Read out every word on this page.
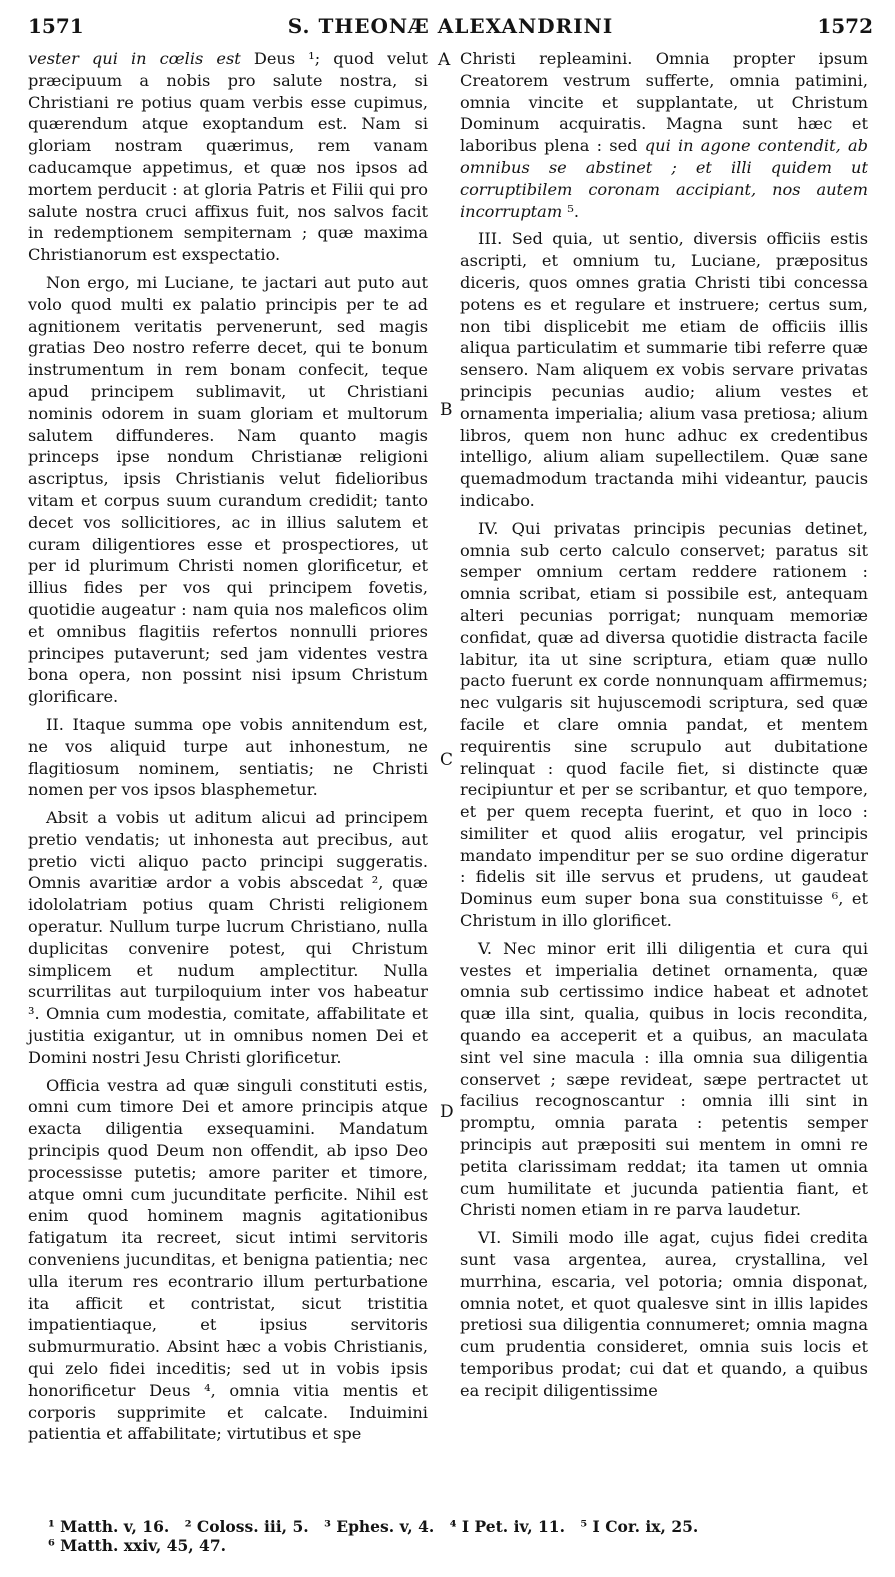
1571	S. THEONÆ ALEXANDRINI	1572
A
B
C
D

vester qui in cœlis est Deus ¹; quod velut præcipuum a nobis pro salute nostra, si Christiani re potius quam verbis esse cupimus, quærendum atque exoptandum est. Nam si gloriam nostram quærimus, rem vanam caducamque appetimus, et quæ nos ipsos ad mortem perducit : at gloria Patris et Filii qui pro salute nostra cruci affixus fuit, nos salvos facit in redemptionem sempiternam ; quæ maxima Christianorum est exspectatio.

Non ergo, mi Luciane, te jactari aut puto aut volo quod multi ex palatio principis per te ad agnitionem veritatis pervenerunt, sed magis gratias Deo nostro referre decet, qui te bonum instrumentum in rem bonam confecit, teque apud principem sublimavit, ut Christiani nominis odorem in suam gloriam et multorum salutem diffunderes. Nam quanto magis princeps ipse nondum Christianæ religioni ascriptus, ipsis Christianis velut fidelioribus vitam et corpus suum curandum credidit; tanto decet vos sollicitiores, ac in illius salutem et curam diligentiores esse et prospectiores, ut per id plurimum Christi nomen glorificetur, et illius fides per vos qui principem fovetis, quotidie augeatur : nam quia nos maleficos olim et omnibus flagitiis refertos nonnulli priores principes putaverunt; sed jam videntes vestra bona opera, non possint nisi ipsum Christum glorificare.

II. Itaque summa ope vobis annitendum est, ne vos aliquid turpe aut inhonestum, ne flagitiosum nominem, sentiatis; ne Christi nomen per vos ipsos blasphemetur.

Absit a vobis ut aditum alicui ad principem pretio vendatis; ut inhonesta aut precibus, aut pretio victi aliquo pacto principi suggeratis. Omnis avaritiæ ardor a vobis abscedat ², quæ idololatriam potius quam Christi religionem operatur. Nullum turpe lucrum Christiano, nulla duplicitas convenire potest, qui Christum simplicem et nudum amplectitur. Nulla scurrilitas aut turpiloquium inter vos habeatur ³. Omnia cum modestia, comitate, affabilitate et justitia exigantur, ut in omnibus nomen Dei et Domini nostri Jesu Christi glorificetur.

Officia vestra ad quæ singuli constituti estis, omni cum timore Dei et amore principis atque exacta diligentia exsequamini. Mandatum principis quod Deum non offendit, ab ipso Deo processisse putetis; amore pariter et timore, atque omni cum jucunditate perficite. Nihil est enim quod hominem magnis agitationibus fatigatum ita recreet, sicut intimi servitoris conveniens jucunditas, et benigna patientia; nec ulla iterum res econtrario illum perturbatione ita afficit et contristat, sicut tristitia impatientiaque, et ipsius servitoris submurmuratio. Absint hæc a vobis Christianis, qui zelo fidei inceditis; sed ut in vobis ipsis honorificetur Deus ⁴, omnia vitia mentis et corporis supprimite et calcate. Induimini patientia et affabilitate; virtutibus et spe

Christi repleamini. Omnia propter ipsum Creatorem vestrum sufferte, omnia patimini, omnia vincite et supplantate, ut Christum Dominum acquiratis. Magna sunt hæc et laboribus plena : sed qui in agone contendit, ab omnibus se abstinet ; et illi quidem ut corruptibilem coronam accipiant, nos autem incorruptam ⁵.

III. Sed quia, ut sentio, diversis officiis estis ascripti, et omnium tu, Luciane, præpositus diceris, quos omnes gratia Christi tibi concessa potens es et regulare et instruere; certus sum, non tibi displicebit me etiam de officiis illis aliqua particulatim et summarie tibi referre quæ sensero. Nam aliquem ex vobis servare privatas principis pecunias audio; alium vestes et ornamenta imperialia; alium vasa pretiosa; alium libros, quem non hunc adhuc ex credentibus intelligo, alium aliam supellectilem. Quæ sane quemadmodum tractanda mihi videantur, paucis indicabo.

IV. Qui privatas principis pecunias detinet, omnia sub certo calculo conservet; paratus sit semper omnium certam reddere rationem : omnia scribat, etiam si possibile est, antequam alteri pecunias porrigat; nunquam memoriæ confidat, quæ ad diversa quotidie distracta facile labitur, ita ut sine scriptura, etiam quæ nullo pacto fuerunt ex corde nonnunquam affirmemus; nec vulgaris sit hujuscemodi scriptura, sed quæ facile et clare omnia pandat, et mentem requirentis sine scrupulo aut dubitatione relinquat : quod facile fiet, si distincte quæ recipiuntur et per se scribantur, et quo tempore, et per quem recepta fuerint, et quo in loco : similiter et quod aliis erogatur, vel principis mandato impenditur per se suo ordine digeratur : fidelis sit ille servus et prudens, ut gaudeat Dominus eum super bona sua constituisse ⁶, et Christum in illo glorificet.

V. Nec minor erit illi diligentia et cura qui vestes et imperialia detinet ornamenta, quæ omnia sub certissimo indice habeat et adnotet quæ illa sint, qualia, quibus in locis recondita, quando ea acceperit et a quibus, an maculata sint vel sine macula : illa omnia sua diligentia conservet ; sæpe revideat, sæpe pertractet ut facilius recognoscantur : omnia illi sint in promptu, omnia parata : petentis semper principis aut præpositi sui mentem in omni re petita clarissimam reddat; ita tamen ut omnia cum humilitate et jucunda patientia fiant, et Christi nomen etiam in re parva laudetur.

VI. Simili modo ille agat, cujus fidei credita sunt vasa argentea, aurea, crystallina, vel murrhina, escaria, vel potoria; omnia disponat, omnia notet, et quot qualesve sint in illis lapides pretiosi sua diligentia connumeret; omnia magna cum prudentia consideret, omnia suis locis et temporibus prodat; cui dat et quando, a quibus ea recipit diligentissime

¹ Matth. v, 16. ² Coloss. iii, 5. ³ Ephes. v, 4. ⁴ I Pet. iv, 11. ⁵ I Cor. ix, 25. ⁶ Matth. xxiv, 45, 47.
